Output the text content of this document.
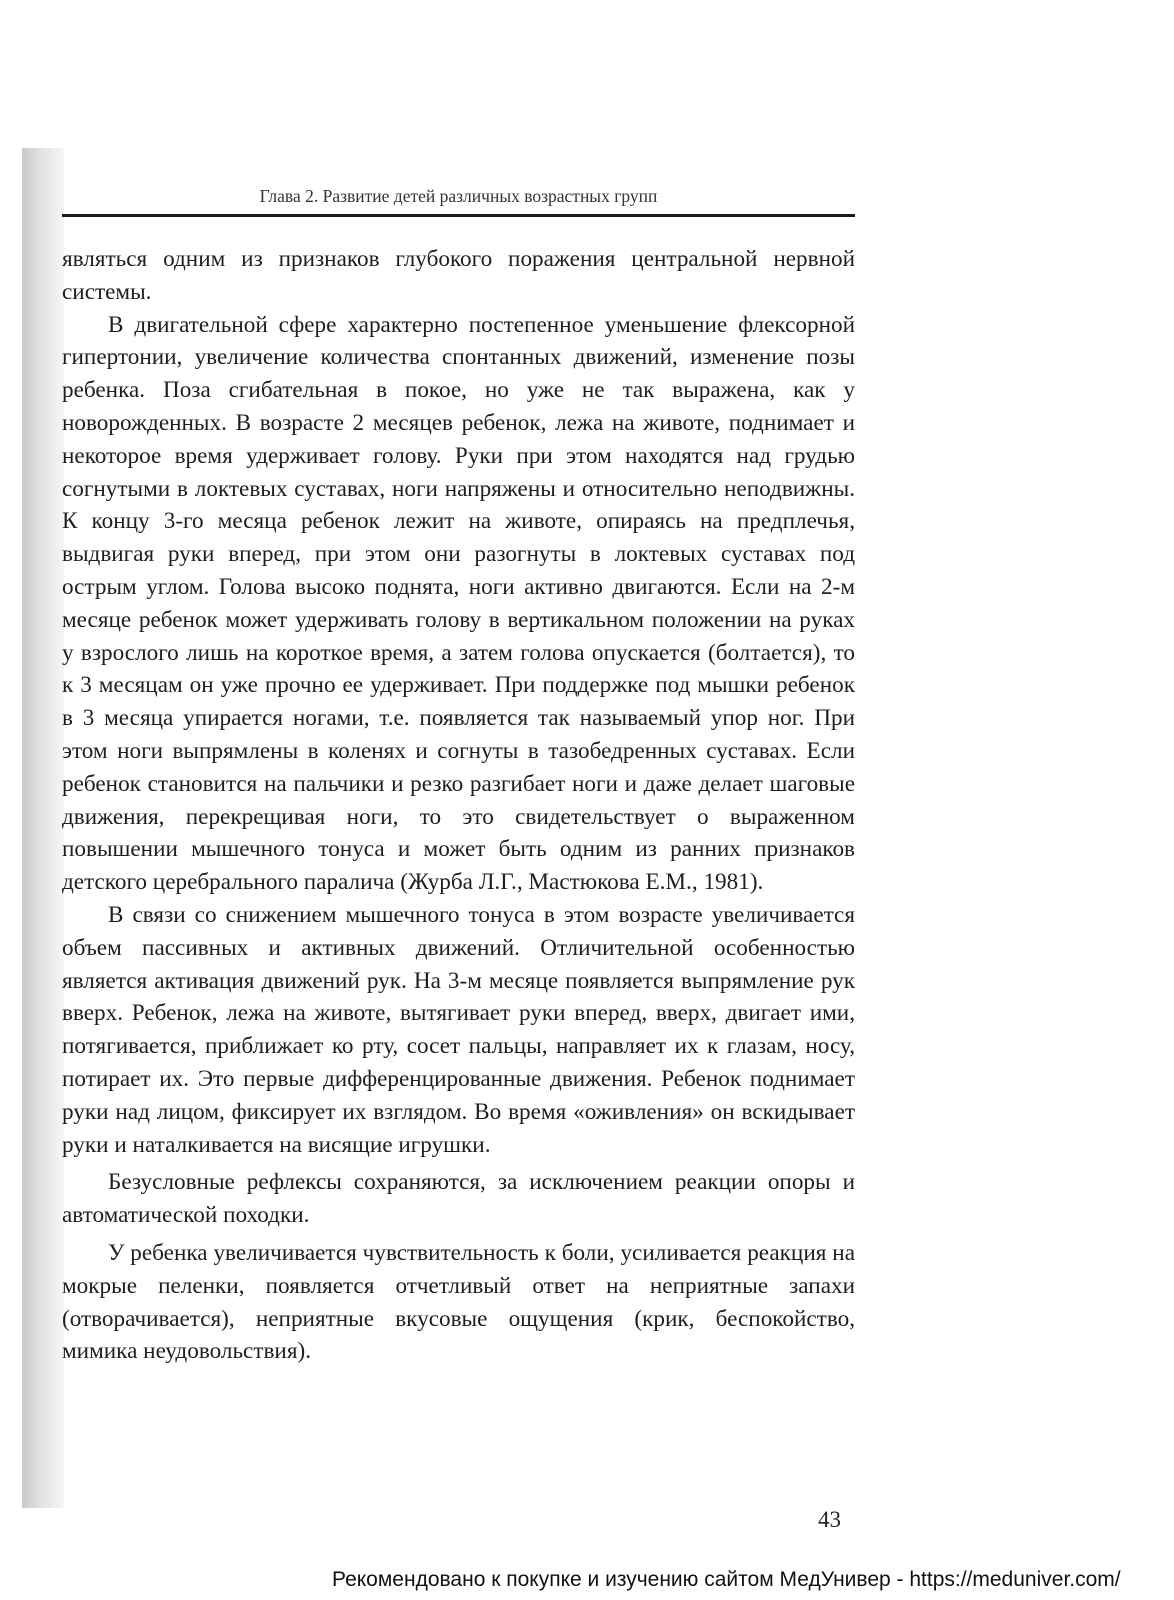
Глава 2. Развитие детей различных возрастных групп

являться одним из признаков глубокого поражения центральной нервной системы.

В двигательной сфере характерно постепенное уменьшение флексорной гипертонии, увеличение количества спонтанных движений, изменение позы ребенка. Поза сгибательная в покое, но уже не так выражена, как у новорожденных. В возрасте 2 месяцев ребенок, лежа на животе, поднимает и некоторое время удерживает голову. Руки при этом находятся над грудью согнутыми в локтевых суставах, ноги напряжены и относительно неподвижны. К концу 3-го месяца ребенок лежит на животе, опираясь на предплечья, выдвигая руки вперед, при этом они разогнуты в локтевых суставах под острым углом. Голова высоко поднята, ноги активно двигаются. Если на 2-м месяце ребенок может удерживать голову в вертикальном положении на руках у взрослого лишь на короткое время, а затем голова опускается (болтается), то к 3 месяцам он уже прочно ее удерживает. При поддержке под мышки ребенок в 3 месяца упирается ногами, т.е. появляется так называемый упор ног. При этом ноги выпрямлены в коленях и согнуты в тазобедренных суставах. Если ребенок становится на пальчики и резко разгибает ноги и даже делает шаговые движения, перекрещивая ноги, то это свидетельствует о выраженном повышении мышечного тонуса и может быть одним из ранних признаков детского церебрального паралича (Журба Л.Г., Мастюкова Е.М., 1981).

В связи со снижением мышечного тонуса в этом возрасте увеличивается объем пассивных и активных движений. Отличительной особенностью является активация движений рук. На 3-м месяце появляется выпрямление рук вверх. Ребенок, лежа на животе, вытягивает руки вперед, вверх, двигает ими, потягивается, приближает ко рту, сосет пальцы, направляет их к глазам, носу, потирает их. Это первые дифференцированные движения. Ребенок поднимает руки над лицом, фиксирует их взглядом. Во время «оживления» он вскидывает руки и наталкивается на висящие игрушки.

Безусловные рефлексы сохраняются, за исключением реакции опоры и автоматической походки.

У ребенка увеличивается чувствительность к боли, усиливается реакция на мокрые пеленки, появляется отчетливый ответ на неприятные запахи (отворачивается), неприятные вкусовые ощущения (крик, беспокойство, мимика неудовольствия).

43
Рекомендовано к покупке и изучению сайтом МедУнивер - https://meduniver.com/
